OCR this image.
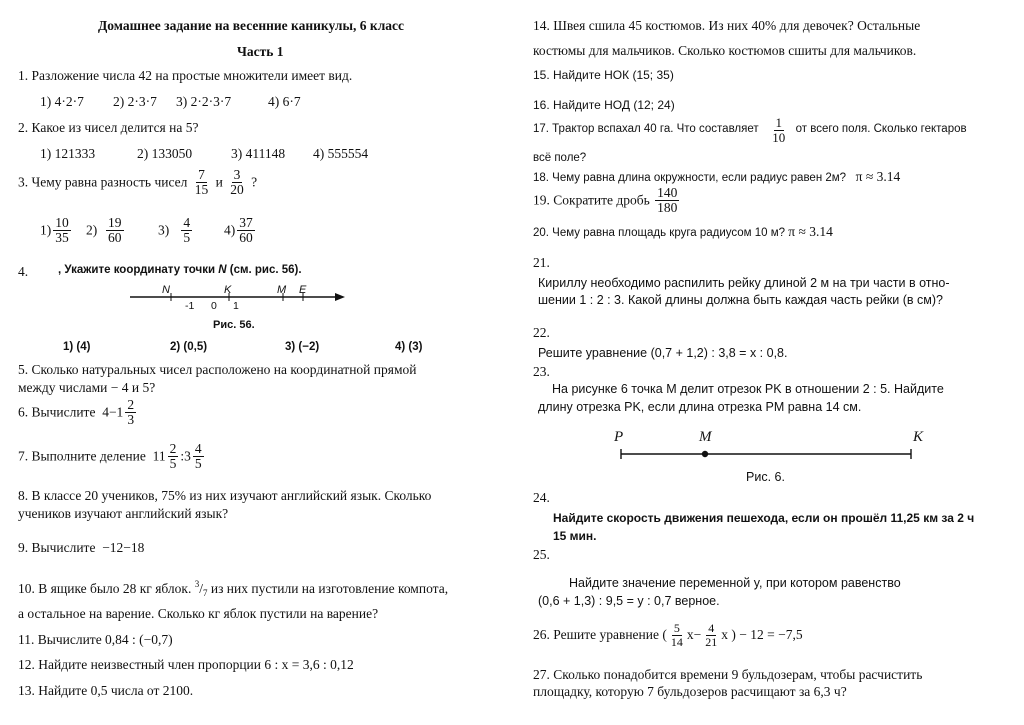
Домашнее задание на весенние каникулы, 6 класс
Часть 1
1. Разложение числа 42 на простые множители имеет вид.
1) 4·2·7 2) 2·3·7 3) 2·2·3·7	4) 6·7
2. Какое из чисел делится на 5?
1) 121333	2) 133050	3) 411148 4) 555554
3. Чему равна разность чисел $\frac{7}{15}$ и $\frac{3}{20}$ ?
$1) \frac{10}{35} 2) \frac{19}{60}$	$3) \frac{4}{5} 4) \frac{37}{60}$
4.	, Укажите координату точки N (см. рис. 56).
N	K	M E
-1 0 1
Рис. 56.
1) (4)	2) (0,5)	3) (−2)	4) (3)
5. Сколько натуральных чисел расположено на координатной прямой
между числами − 4 и 5?
6. Вычислите $4-1 \frac{2}{3}$
7. Выполните деление $11 \frac{2}{5}$ :3 $\frac{4}{5}$
8. В классе 20 учеников, 75% из них изучают английский язык. Сколько
учеников изучают английский язык?
9. Вычислите −12−18
10. В ящике было 28 кг яблок. $^3/_7$ из них пустили на изготовление компота,
а остальное на варение. Сколько кг яблок пустили на варение?
11. Вычислите 0,84 : (−0,7)
12. Найдите неизвестный член пропорции 6 : x = 3,6 : 0,12
13. Найдите 0,5 числа от 2100.
14. Швея сшила 45 костюмов. Из них 40% для девочек? Остальные
костюмы для мальчиков. Сколько костюмов сшиты для мальчиков.
15. Найдите НОК (15; 35)
16. Найдите НОД (12; 24)
17. Трактор вспахал 40 га. Что составляет $\frac{1}{10}$ от всего поля. Сколько гектаров
всё поле?
18. Чему равна длина окружности, если радиус равен 2м? π ≈ 3.14
19. Сократите дробь $\frac{140}{180}$
20. Чему равна площадь круга радиусом 10 м? π ≈ 3.14
21.
Кириллу необходимо распилить рейку длиной 2 м на три части в отно-
шении 1 : 2 : 3. Какой длины должна быть каждая часть рейки (в см)?
22.
Решите уравнение (0,7 + 1,2) : 3,8 = x : 0,8.
23.
На рисунке 6 точка M делит отрезок PK в отношении 2 : 5. Найдите
длину отрезка PK, если длина отрезка PM равна 14 см.
P	M	K
Рис. 6.
24.
Найдите скорость движения пешехода, если он прошёл 11,25 км за 2 ч
15 мин.
25.
Найдите значение переменной y, при котором равенство
(0,6 + 1,3) : 9,5 = y : 0,7 верное.
26. Решите уравнение ( $\frac{5}{14} x- \frac{4}{21}$ x ) − 12 = −7,5
27. Сколько понадобится времени 9 бульдозерам, чтобы расчистить
площадку, которую 7 бульдозеров расчищают за 6,3 ч?
